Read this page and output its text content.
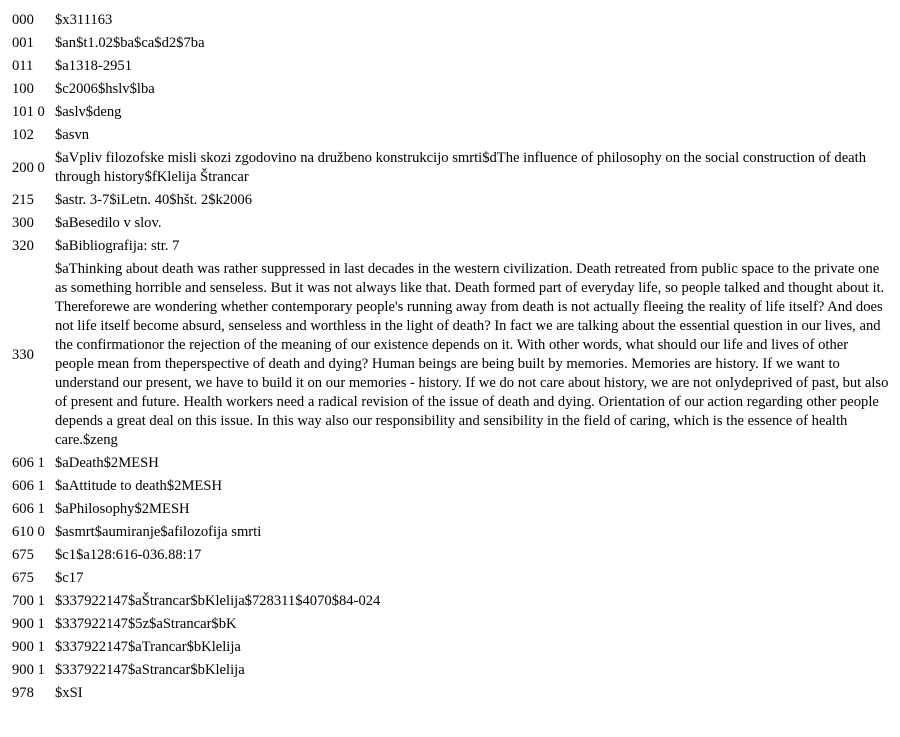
000	$x311163
001	$an$t1.02$ba$ca$d2$7ba
011	$a1318-2951
100	$c2006$hslv$lba
101 0	$aslv$deng
102	$asvn
200 0	$aVpliv filozofske misli skozi zgodovino na družbeno konstrukcijo smrti$dThe influence of philosophy on the social construction of death through history$fKlelija Štrancar
215	$astr. 3-7$iLetn. 40$hšt. 2$k2006
300	$aBesedilo v slov.
320	$aBibliografija: str. 7
330	$aThinking about death was rather suppressed in last decades in the western civilization. Death retreated from public space to the private one as something horrible and senseless. But it was not always like that. Death formed part of everyday life, so people talked and thought about it. Thereforewe are wondering whether contemporary people's running away from death is not actually fleeing the reality of life itself? And does not life itself become absurd, senseless and worthless in the light of death? In fact we are talking about the essential question in our lives, and the confirmationor the rejection of the meaning of our existence depends on it. With other words, what should our life and lives of other people mean from theperspective of death and dying? Human beings are being built by memories. Memories are history. If we want to understand our present, we have to build it on our memories - history. If we do not care about history, we are not onlydeprived of past, but also of present and future. Health workers need a radical revision of the issue of death and dying. Orientation of our action regarding other people depends a great deal on this issue. In this way also our responsibility and sensibility in the field of caring, which is the essence of health care.$zeng
606 1	$aDeath$2MESH
606 1	$aAttitude to death$2MESH
606 1	$aPhilosophy$2MESH
610 0	$asmrt$aumiranje$afilozofija smrti
675	$c1$a128:616-036.88:17
675	$c17
700 1	$337922147$aŠtrancar$bKlelija$728311$4070$84-024
900 1	$337922147$5z$aStrancar$bK
900 1	$337922147$aTrancar$bKlelija
900 1	$337922147$aStrancar$bKlelija
978	$xSI
